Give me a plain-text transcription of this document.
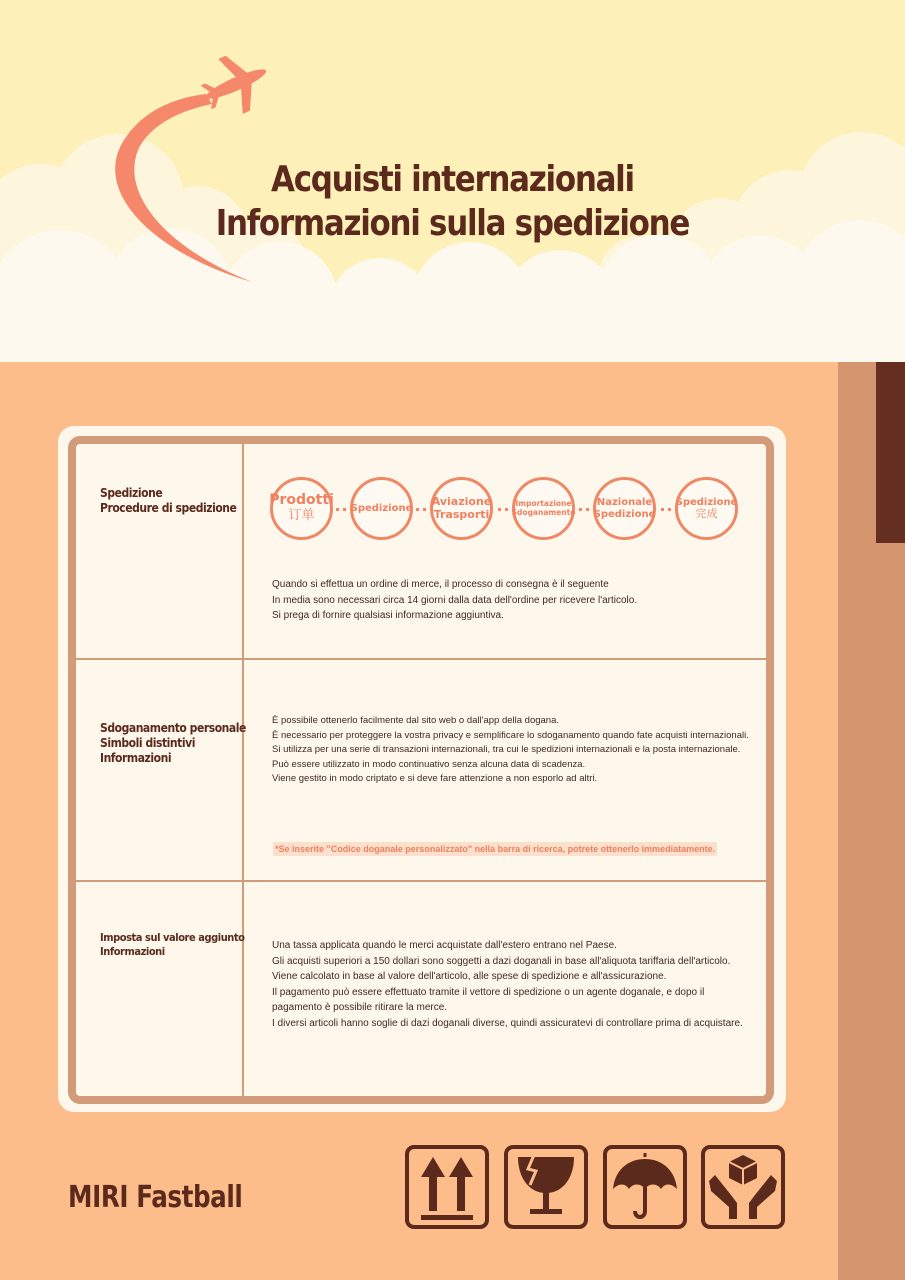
Acquisti internazionali
Informazioni sulla spedizione
Spedizione
Procedure di spedizione Prodotti
订单	Spedizione
Aviazione
Trasporti
Importazione
Sdoganamento
Nazionale
Spedizione
Spedizione
完成
Quando si effettua un ordine di merce, il processo di consegna è il seguente
In media sono necessari circa 14 giorni dalla data dell'ordine per ricevere l'articolo.
Si prega di fornire qualsiasi informazione aggiuntiva.
Sdoganamento personale
Simboli distintivi
Informazioni
È possibile ottenerlo facilmente dal sito web o dall'app della dogana.
È necessario per proteggere la vostra privacy e semplificare lo sdoganamento quando fate acquisti internazionali.
Si utilizza per una serie di transazioni internazionali, tra cui le spedizioni internazionali e la posta internazionale.
Può essere utilizzato in modo continuativo senza alcuna data di scadenza.
Viene gestito in modo criptato e si deve fare attenzione a non esporlo ad altri.
*Se inserite "Codice doganale personalizzato" nella barra di ricerca, potrete ottenerlo immediatamente.
Imposta sul valore aggiunto
Informazioni	Una tassa applicata quando le merci acquistate dall'estero entrano nel Paese.
Gli acquisti superiori a 150 dollari sono soggetti a dazi doganali in base all'aliquota tariffaria dell'articolo.
Viene calcolato in base al valore dell'articolo, alle spese di spedizione e all'assicurazione.
Il pagamento può essere effettuato tramite il vettore di spedizione o un agente doganale, e dopo il
pagamento è possibile ritirare la merce.
I diversi articoli hanno soglie di dazi doganali diverse, quindi assicuratevi di controllare prima di acquistare.
MIRI Fastball
